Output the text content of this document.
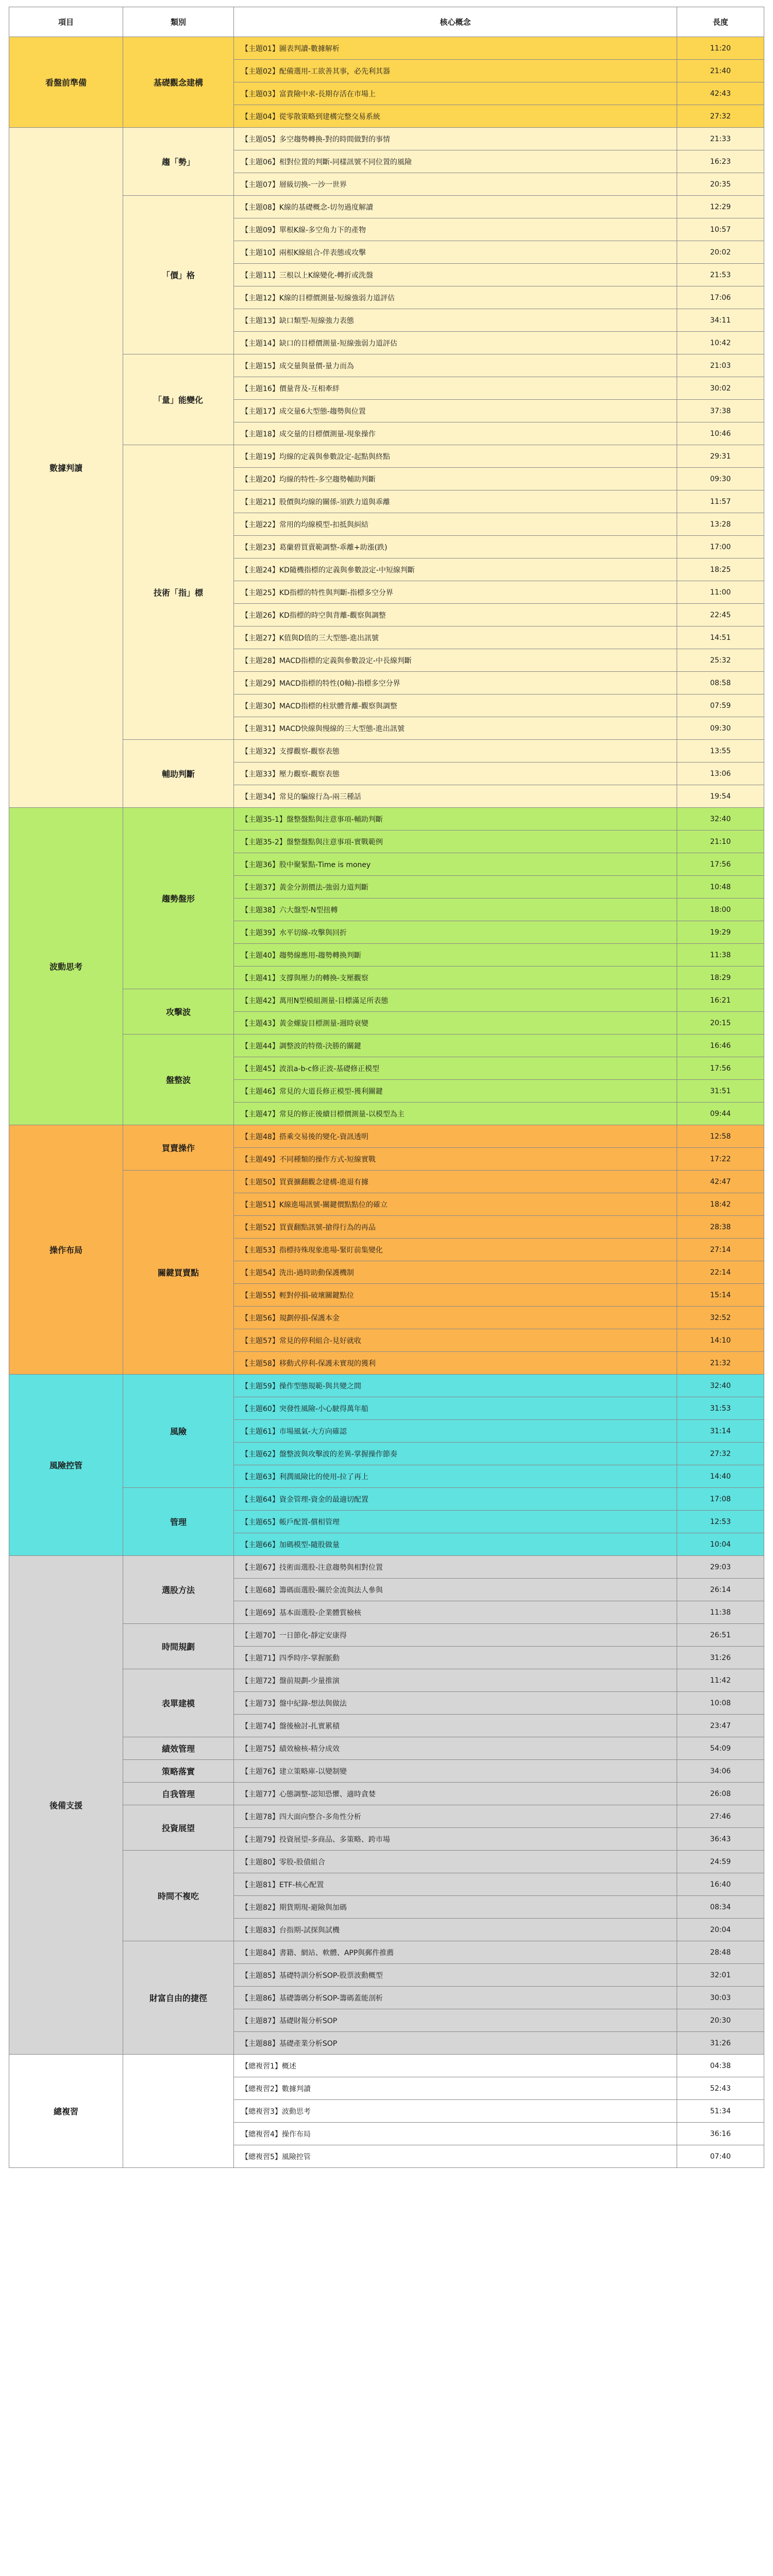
項目	類別	核心概念	長度
看盤前準備	基礎觀念建構	【主題01】圖表判讀-數據解析	11:20
		【主題02】配備選用-工欲善其事，必先利其器	21:40
		【主題03】富貴險中求-長期存活在市場上	42:43
		【主題04】從零散策略到建構完整交易系統	27:32
數據判讀	趨「勢」	【主題05】多空趨勢轉換-對的時間做對的事情	21:33
		【主題06】相對位置的判斷-同樣訊號不同位置的風險	16:23
		【主題07】層級切換-一沙一世界	20:35
	「價」格	【主題08】K線的基礎概念-切勿過度解讀	12:29
		【主題09】單根K線-多空角力下的產物	10:57
		【主題10】兩根K線組合-伴表態或攻擊	20:02
		【主題11】三根以上K線變化-轉折或洗盤	21:53
		【主題12】K線的目標價測量-短線強弱力道評估	17:06
		【主題13】缺口類型-短線強力表態	34:11
		【主題14】缺口的目標價測量-短線強弱力道評估	10:42
	「量」能變化	【主題15】成交量與量價-量力而為	21:03
		【主題16】價量背及-互相牽絆	30:02
		【主題17】成交量6大型態-趨勢與位置	37:38
		【主題18】成交量的目標價測量-現象操作	10:46
	技術「指」標	【主題19】均線的定義與參數設定-起點與終點	29:31
		【主題20】均線的特性-多空趨勢輔助判斷	09:30
		【主題21】股價與均線的關係-須跌力道與乖離	11:57
		【主題22】常用的均線模型-扣抵與糾結	13:28
		【主題23】葛蘭碧買賣範調整-乖離+助漲(跌)	17:00
		【主題24】KD隨機指標的定義與參數設定-中短線判斷	18:25
		【主題25】KD指標的特性與判斷-指標多空分界	11:00
		【主題26】KD指標的時空與背離-觀察與調整	22:45
		【主題27】K值與D值的三大型態-進出訊號	14:51
		【主題28】MACD指標的定義與參數設定-中長線判斷	25:32
		【主題29】MACD指標的特性(0軸)-指標多空分界	08:58
		【主題30】MACD指標的柱狀體背離-觀察與調整	07:59
		【主題31】MACD快線與慢線的三大型態-進出訊號	09:30
	輔助判斷	【主題32】支撐觀察-觀察表態	13:55
		【主題33】壓力觀察-觀察表態	13:06
		【主題34】常見的騙線行為-兩三種話	19:54
波動思考	趨勢盤形	【主題35-1】盤整盤點與注意事項-輔助判斷	32:40
		【主題35-2】盤整盤點與注意事項-實戰範例	21:10
		【主題36】股中聚緊點-Time is money	17:56
		【主題37】黃金分割價法-強弱力道判斷	10:48
		【主題38】六大盤型-N型扭轉	18:00
		【主題39】水平切線-攻擊與回折	19:29
		【主題40】趨勢線應用-趨勢轉換判斷	11:38
		【主題41】支撐與壓力的轉換-支壓觀察	18:29
	攻擊波	【主題42】萬用N型模組測量-目標滿足所表態	16:21
		【主題43】黃金螺旋目標測量-週時衰變	20:15
	盤整波	【主題44】調整波的特徵-決勝的關鍵	16:46
		【主題45】波浪a-b-c修正波-基礎修正模型	17:56
		【主題46】常見的大道長修正模型-獲利關鍵	31:51
		【主題47】常見的修正後續目標價測量-以模型為主	09:44
操作布局	買賣操作	【主題48】搭乘交易後的變化-資訊透明	12:58
		【主題49】不同種類的操作方式-短線實戰	17:22
	關鍵買賣點	【主題50】買賣擴翻觀念建構-進退有據	42:47
		【主題51】K線進場訊號-關鍵價點點位的確立	18:42
		【主題52】買賣翻點訊號-搶得行為的再品	28:38
		【主題53】指標持殊現象進場-緊盯前集變化	27:14
		【主題54】洗出-過時助動保護機制	22:14
		【主題55】輕對停損-破壞關鍵點位	15:14
		【主題56】規劃停損-保護本金	32:52
		【主題57】常見的停利組合-見好就收	14:10
		【主題58】移動式停利-保護未實現的獲利	21:32
風險控管	風險	【主題59】操作型態規範-與共變之間	32:40
		【主題60】突發性風險-小心駛得萬年船	31:53
		【主題61】市場風氣-大方向確認	31:14
		【主題62】盤整波與攻擊波的差異-掌握操作節奏	27:32
		【主題63】利潤風險比的使用-拉了再上	14:40
	管理	【主題64】資金管理-資金的最適切配置	17:08
		【主題65】帳戶配置-償相管理	12:53
		【主題66】加碼模型-隨股做量	10:04
後備支援	選股方法	【主題67】技術面選股-注意趨勢與相對位置	29:03
		【主題68】籌碼面選股-關於金流與法人參與	26:14
		【主題69】基本面選股-企業體質檢核	11:38
	時間規劃	【主題70】一日節化-靜定安康得	26:51
		【主題71】四季時序-掌握脈動	31:26
	表單建模	【主題72】盤前規劃-少量推演	11:42
		【主題73】盤中紀錄-想法與做法	10:08
		【主題74】盤後檢討-扎實累積	23:47
	績效管理	【主題75】績效檢核-精分成效	54:09
	策略落實	【主題76】建立策略庫-以變制變	34:06
	自我管理	【主題77】心態調整-認知恐懼、適時貪婪	26:08
	投資展望	【主題78】四大面向整合-多角性分析	27:46
		【主題79】投資展望-多商品、多策略、跨市場	36:43
	時間不複吃	【主題80】零股-股債組合	24:59
		【主題81】ETF-核心配置	16:40
		【主題82】期貨期現-避險與加碼	08:34
		【主題83】台指期-試探與試機	20:04
	財富自由的捷徑	【主題84】書籍、網站、軟體、APP與郵件推薦	28:48
		【主題85】基礎特訓分析SOP-股票波動概型	32:01
		【主題86】基礎籌碼分析SOP-籌碼蓋能剖析	30:03
		【主題87】基礎財報分析SOP	20:30
		【主題88】基礎產業分析SOP	31:26
總複習		【總複習1】概述	04:38
		【總複習2】數據判讀	52:43
		【總複習3】波動思考	51:34
		【總複習4】操作布局	36:16
		【總複習5】風險控管	07:40
